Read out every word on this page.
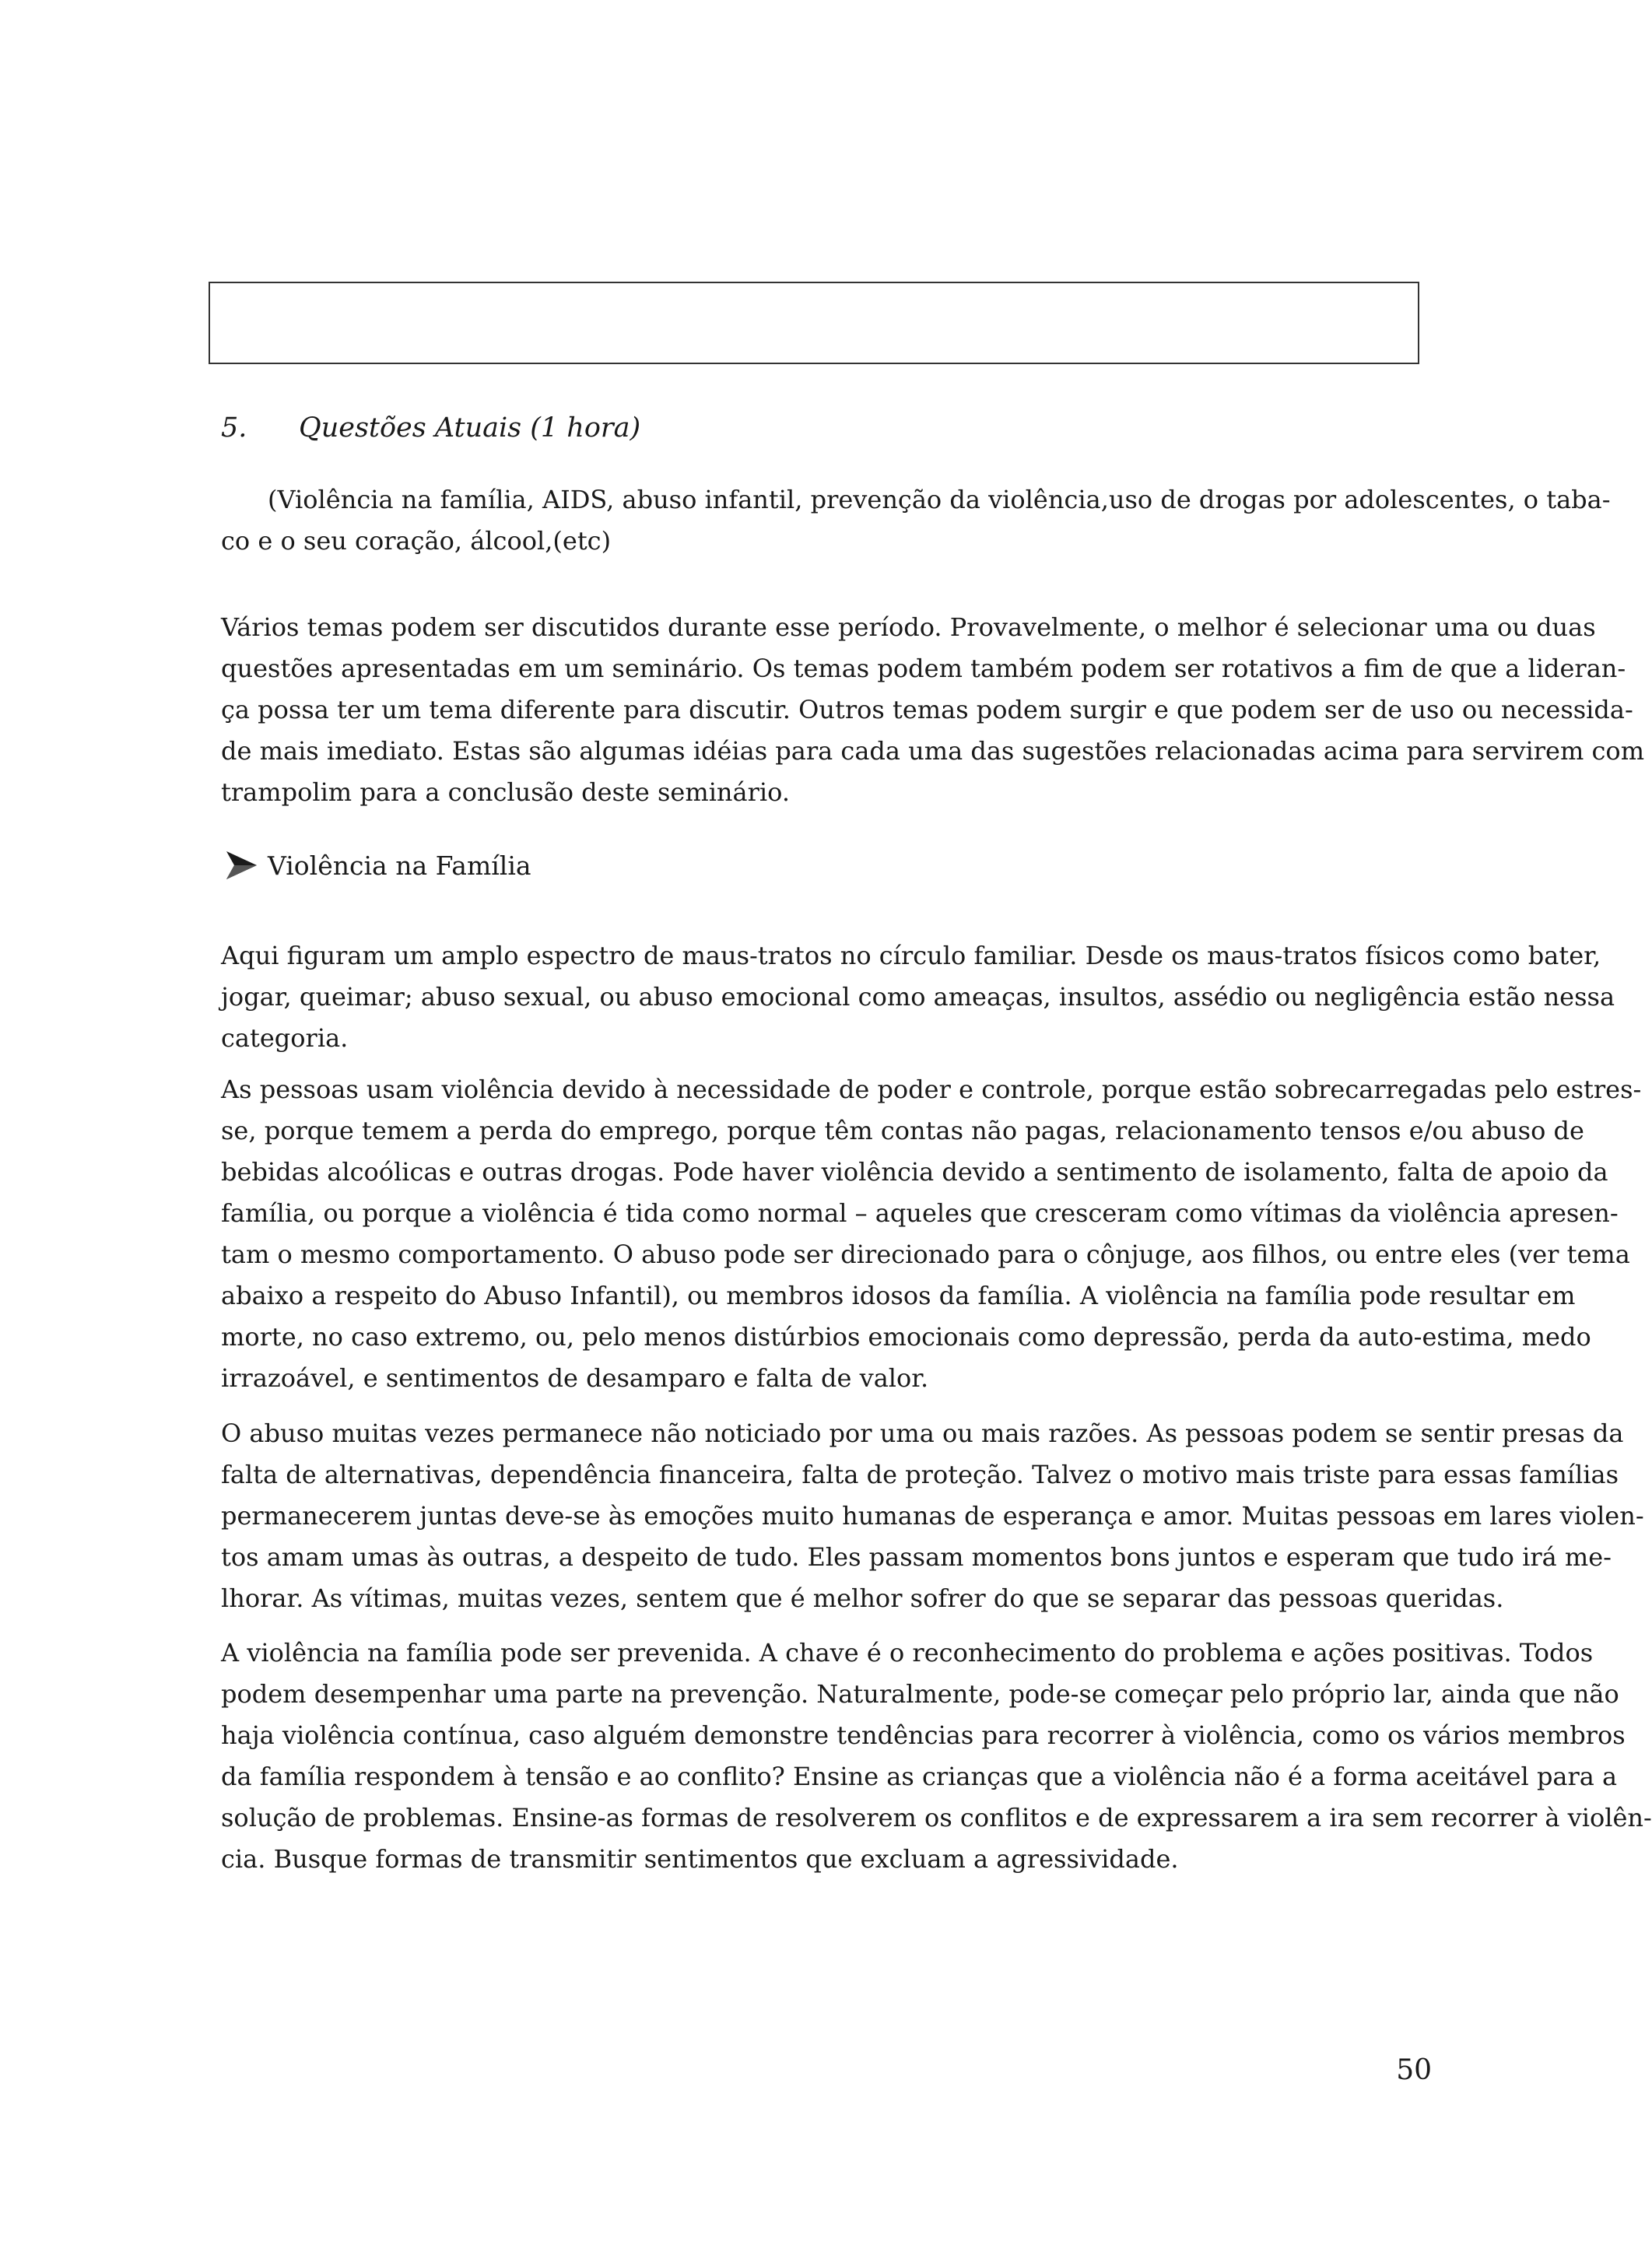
5. Questões Atuais (1 hora)

(Violência na família, AIDS, abuso infantil, prevenção da violência,uso de drogas por adolescentes, o taba-
co e o seu coração, álcool,(etc)

Vários temas podem ser discutidos durante esse período. Provavelmente, o melhor é selecionar uma ou duas
questões apresentadas em um seminário. Os temas podem também podem ser rotativos a fim de que a lideran-
ça possa ter um tema diferente para discutir. Outros temas podem surgir e que podem ser de uso ou necessida-
de mais imediato. Estas são algumas idéias para cada uma das sugestões relacionadas acima para servirem com
trampolim para a conclusão deste seminário.

Violência na Família

Aqui figuram um amplo espectro de maus-tratos no círculo familiar. Desde os maus-tratos físicos como bater,
jogar, queimar; abuso sexual, ou abuso emocional como ameaças, insultos, assédio ou negligência estão nessa
categoria.

As pessoas usam violência devido à necessidade de poder e controle, porque estão sobrecarregadas pelo estres-
se, porque temem a perda do emprego, porque têm contas não pagas, relacionamento tensos e/ou abuso de
bebidas alcoólicas e outras drogas. Pode haver violência devido a sentimento de isolamento, falta de apoio da
família, ou porque a violência é tida como normal – aqueles que cresceram como vítimas da violência apresen-
tam o mesmo comportamento. O abuso pode ser direcionado para o cônjuge, aos filhos, ou entre eles (ver tema
abaixo a respeito do Abuso Infantil), ou membros idosos da família. A violência na família pode resultar em
morte, no caso extremo, ou, pelo menos distúrbios emocionais como depressão, perda da auto-estima, medo
irrazoável, e sentimentos de desamparo e falta de valor.

O abuso muitas vezes permanece não noticiado por uma ou mais razões. As pessoas podem se sentir presas da
falta de alternativas, dependência financeira, falta de proteção. Talvez o motivo mais triste para essas famílias
permanecerem juntas deve-se às emoções muito humanas de esperança e amor. Muitas pessoas em lares violen-
tos amam umas às outras, a despeito de tudo. Eles passam momentos bons juntos e esperam que tudo irá me-
lhorar. As vítimas, muitas vezes, sentem que é melhor sofrer do que se separar das pessoas queridas.

A violência na família pode ser prevenida. A chave é o reconhecimento do problema e ações positivas. Todos
podem desempenhar uma parte na prevenção. Naturalmente, pode-se começar pelo próprio lar, ainda que não
haja violência contínua, caso alguém demonstre tendências para recorrer à violência, como os vários membros
da família respondem à tensão e ao conflito? Ensine as crianças que a violência não é a forma aceitável para a
solução de problemas. Ensine-as formas de resolverem os conflitos e de expressarem a ira sem recorrer à violên-
cia. Busque formas de transmitir sentimentos que excluam a agressividade.

50
